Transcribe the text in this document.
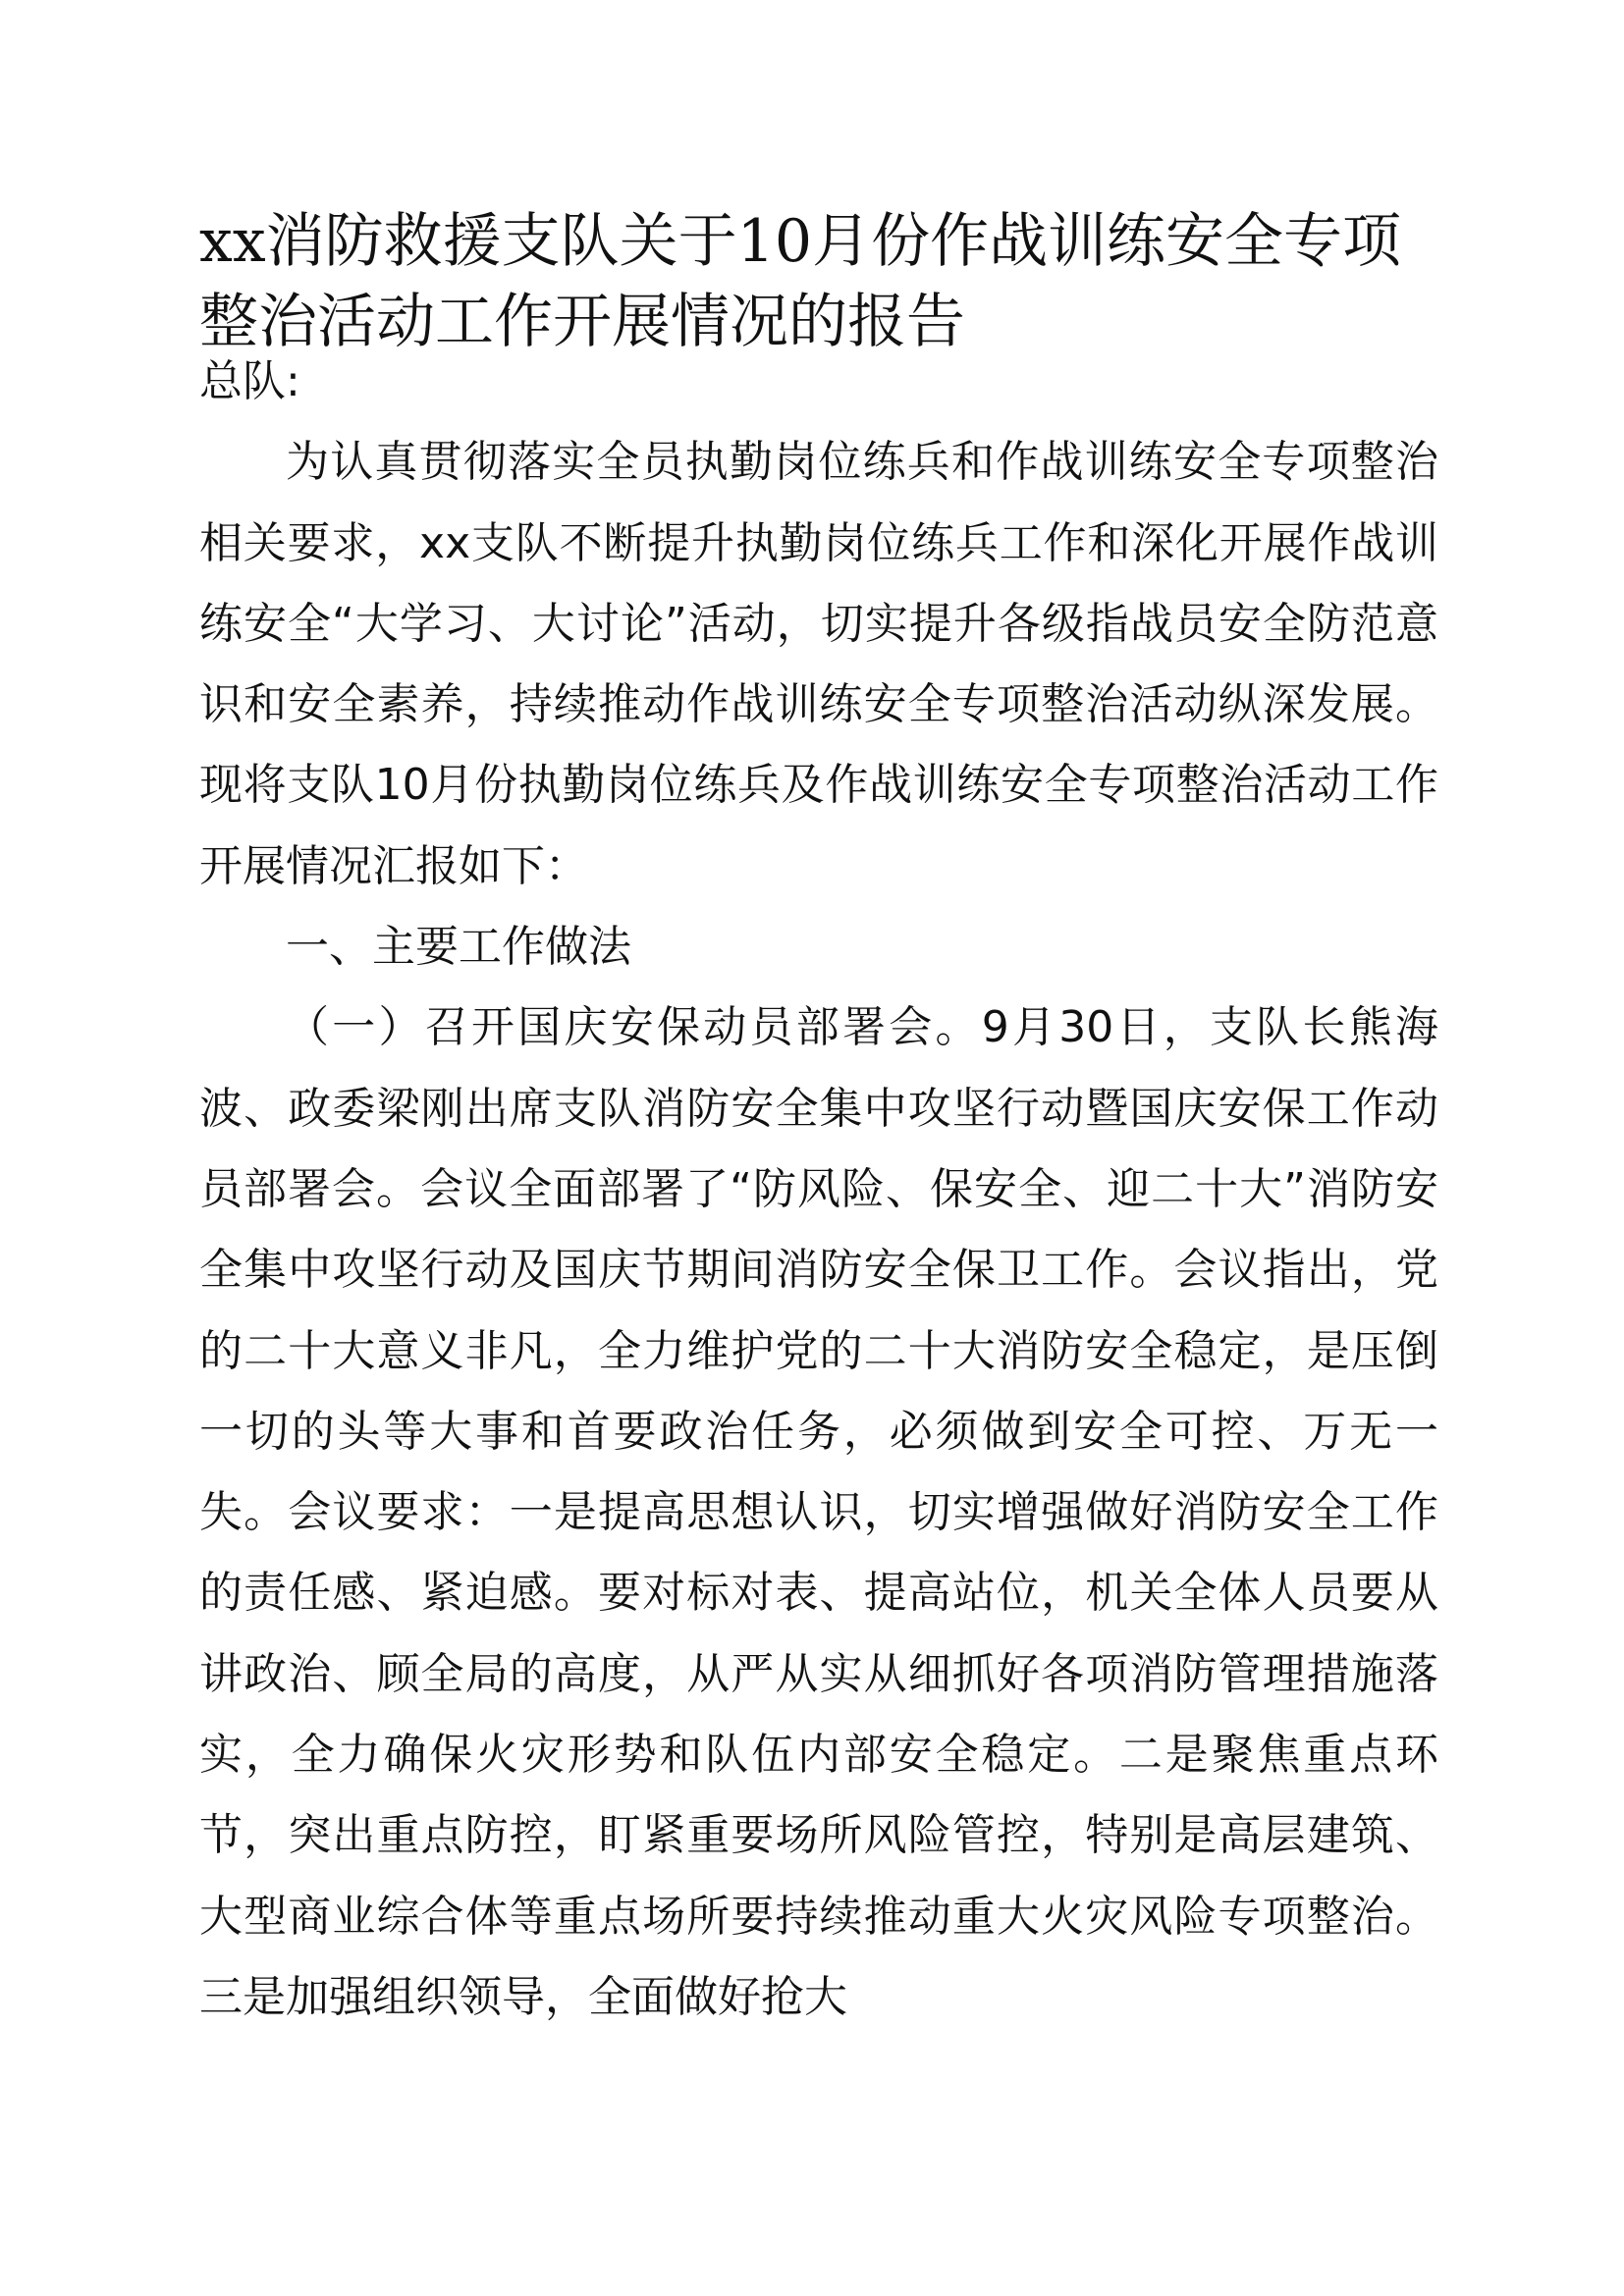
xx消防救援支队关于10月份作战训练安全专项整治活动工作开展情况的报告

总队:

为认真贯彻落实全员执勤岗位练兵和作战训练安全专项整治相关要求，xx支队不断提升执勤岗位练兵工作和深化开展作战训练安全“大学习、大讨论”活动，切实提升各级指战员安全防范意识和安全素养，持续推动作战训练安全专项整治活动纵深发展。现将支队10月份执勤岗位练兵及作战训练安全专项整治活动工作开展情况汇报如下：

一、主要工作做法

（一）召开国庆安保动员部署会。9月30日，支队长熊海波、政委梁刚出席支队消防安全集中攻坚行动暨国庆安保工作动员部署会。会议全面部署了“防风险、保安全、迎二十大”消防安全集中攻坚行动及国庆节期间消防安全保卫工作。会议指出，党的二十大意义非凡，全力维护党的二十大消防安全稳定，是压倒一切的头等大事和首要政治任务，必须做到安全可控、万无一失。会议要求：一是提高思想认识，切实增强做好消防安全工作的责任感、紧迫感。要对标对表、提高站位，机关全体人员要从讲政治、顾全局的高度，从严从实从细抓好各项消防管理措施落实，全力确保火灾形势和队伍内部安全稳定。二是聚焦重点环节，突出重点防控，盯紧重要场所风险管控，特别是高层建筑、大型商业综合体等重点场所要持续推动重大火灾风险专项整治。三是加强组织领导，全面做好抢大
